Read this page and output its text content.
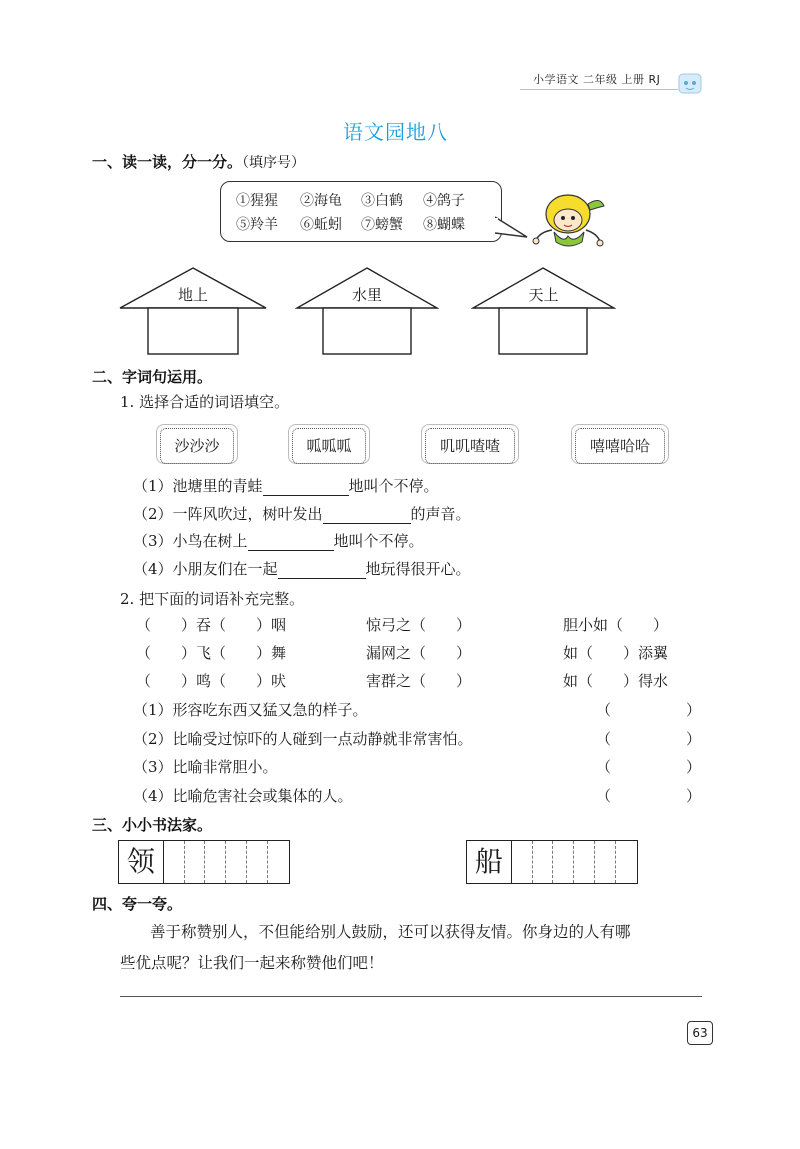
小学语文 二年级 上册 RJ
语文园地八
一、读一读，分一分。（填序号）
①猩猩 ②海龟 ③白鹤 ④鸽子
⑤羚羊 ⑥蚯蚓 ⑦螃蟹 ⑧蝴蝶
地上	水里	天上
二、字词句运用。
1. 选择合适的词语填空。
沙沙沙	呱呱呱	叽叽喳喳	嘻嘻哈哈
（1）池塘里的青蛙	地叫个不停。
（2）一阵风吹过，树叶发出	的声音。
（3）小鸟在树上	地叫个不停。
（4）小朋友们在一起	地玩得很开心。
2. 把下面的词语补充完整。
（　　）吞（　　）咽	惊弓之（　　）	胆小如（　　）
（　　）飞（　　）舞	漏网之（　　）	如（　　）添翼
（　　）鸣（　　）吠	害群之（　　）	如（　　）得水
（1）形容吃东西又猛又急的样子。	（　　　　　）
（2）比喻受过惊吓的人碰到一点动静就非常害怕。	（　　　　　）
（3）比喻非常胆小。	（　　　　　）
（4）比喻危害社会或集体的人。	（　　　　　）
三、小小书法家。
领	船
四、夸一夸。
善于称赞别人，不但能给别人鼓励，还可以获得友情。你身边的人有哪
些优点呢？让我们一起来称赞他们吧！
63
